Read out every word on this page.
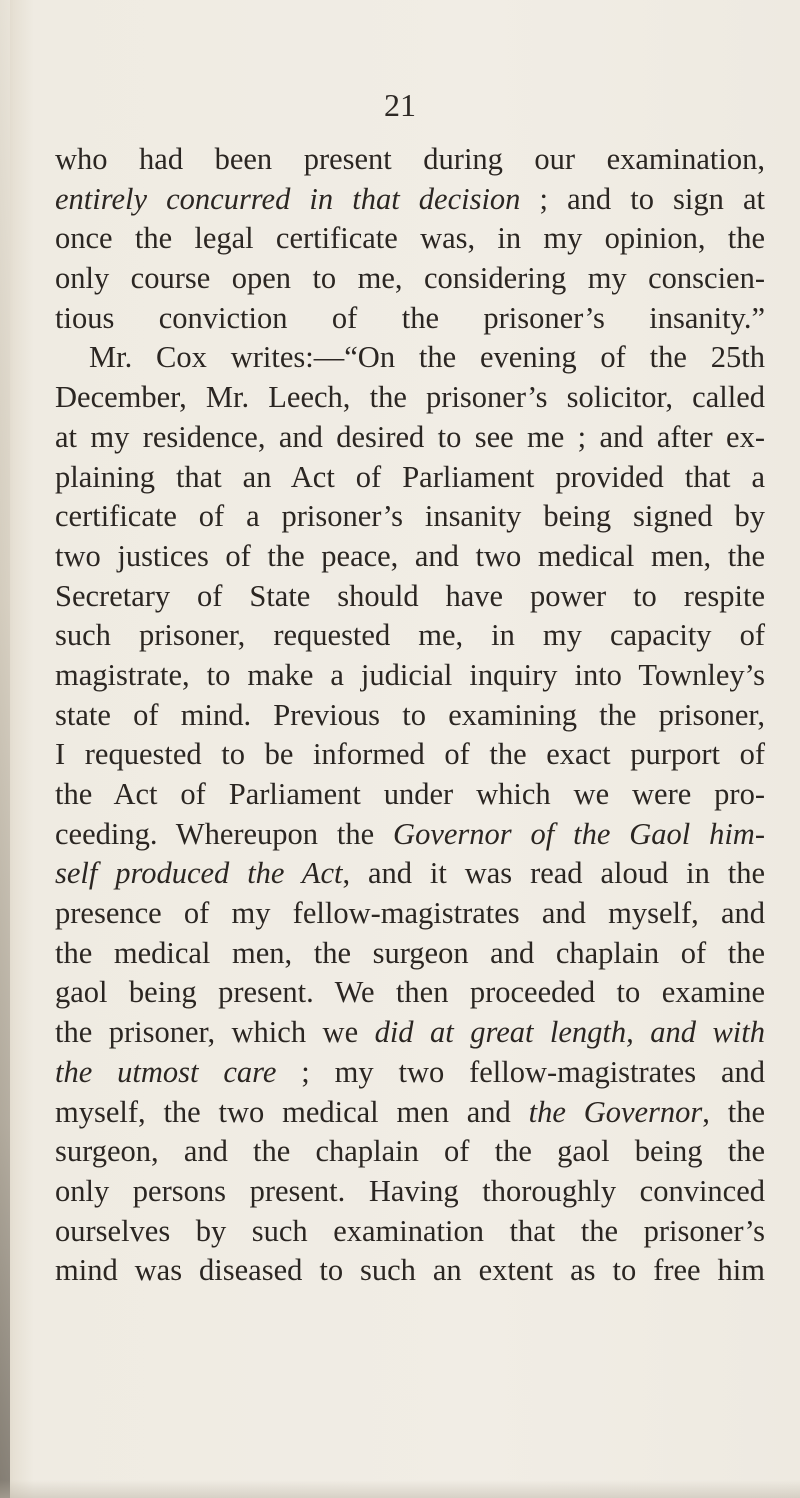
21
who had been present during our examination,
entirely concurred in that decision ; and to sign at
once the legal certificate was, in my opinion, the
only course open to me, considering my conscien-
tious conviction of the prisoner’s insanity.”
Mr. Cox writes:—“On the evening of the 25th
December, Mr. Leech, the prisoner’s solicitor, called
at my residence, and desired to see me ; and after ex-
plaining that an Act of Parliament provided that a
certificate of a prisoner’s insanity being signed by
two justices of the peace, and two medical men, the
Secretary of State should have power to respite
such prisoner, requested me, in my capacity of
magistrate, to make a judicial inquiry into Townley’s
state of mind. Previous to examining the prisoner,
I requested to be informed of the exact purport of
the Act of Parliament under which we were pro-
ceeding. Whereupon the Governor of the Gaol him-
self produced the Act, and it was read aloud in the
presence of my fellow-magistrates and myself, and
the medical men, the surgeon and chaplain of the
gaol being present. We then proceeded to examine
the prisoner, which we did at great length, and with
the utmost care ; my two fellow-magistrates and
myself, the two medical men and the Governor, the
surgeon, and the chaplain of the gaol being the
only persons present. Having thoroughly convinced
ourselves by such examination that the prisoner’s
mind was diseased to such an extent as to free him
